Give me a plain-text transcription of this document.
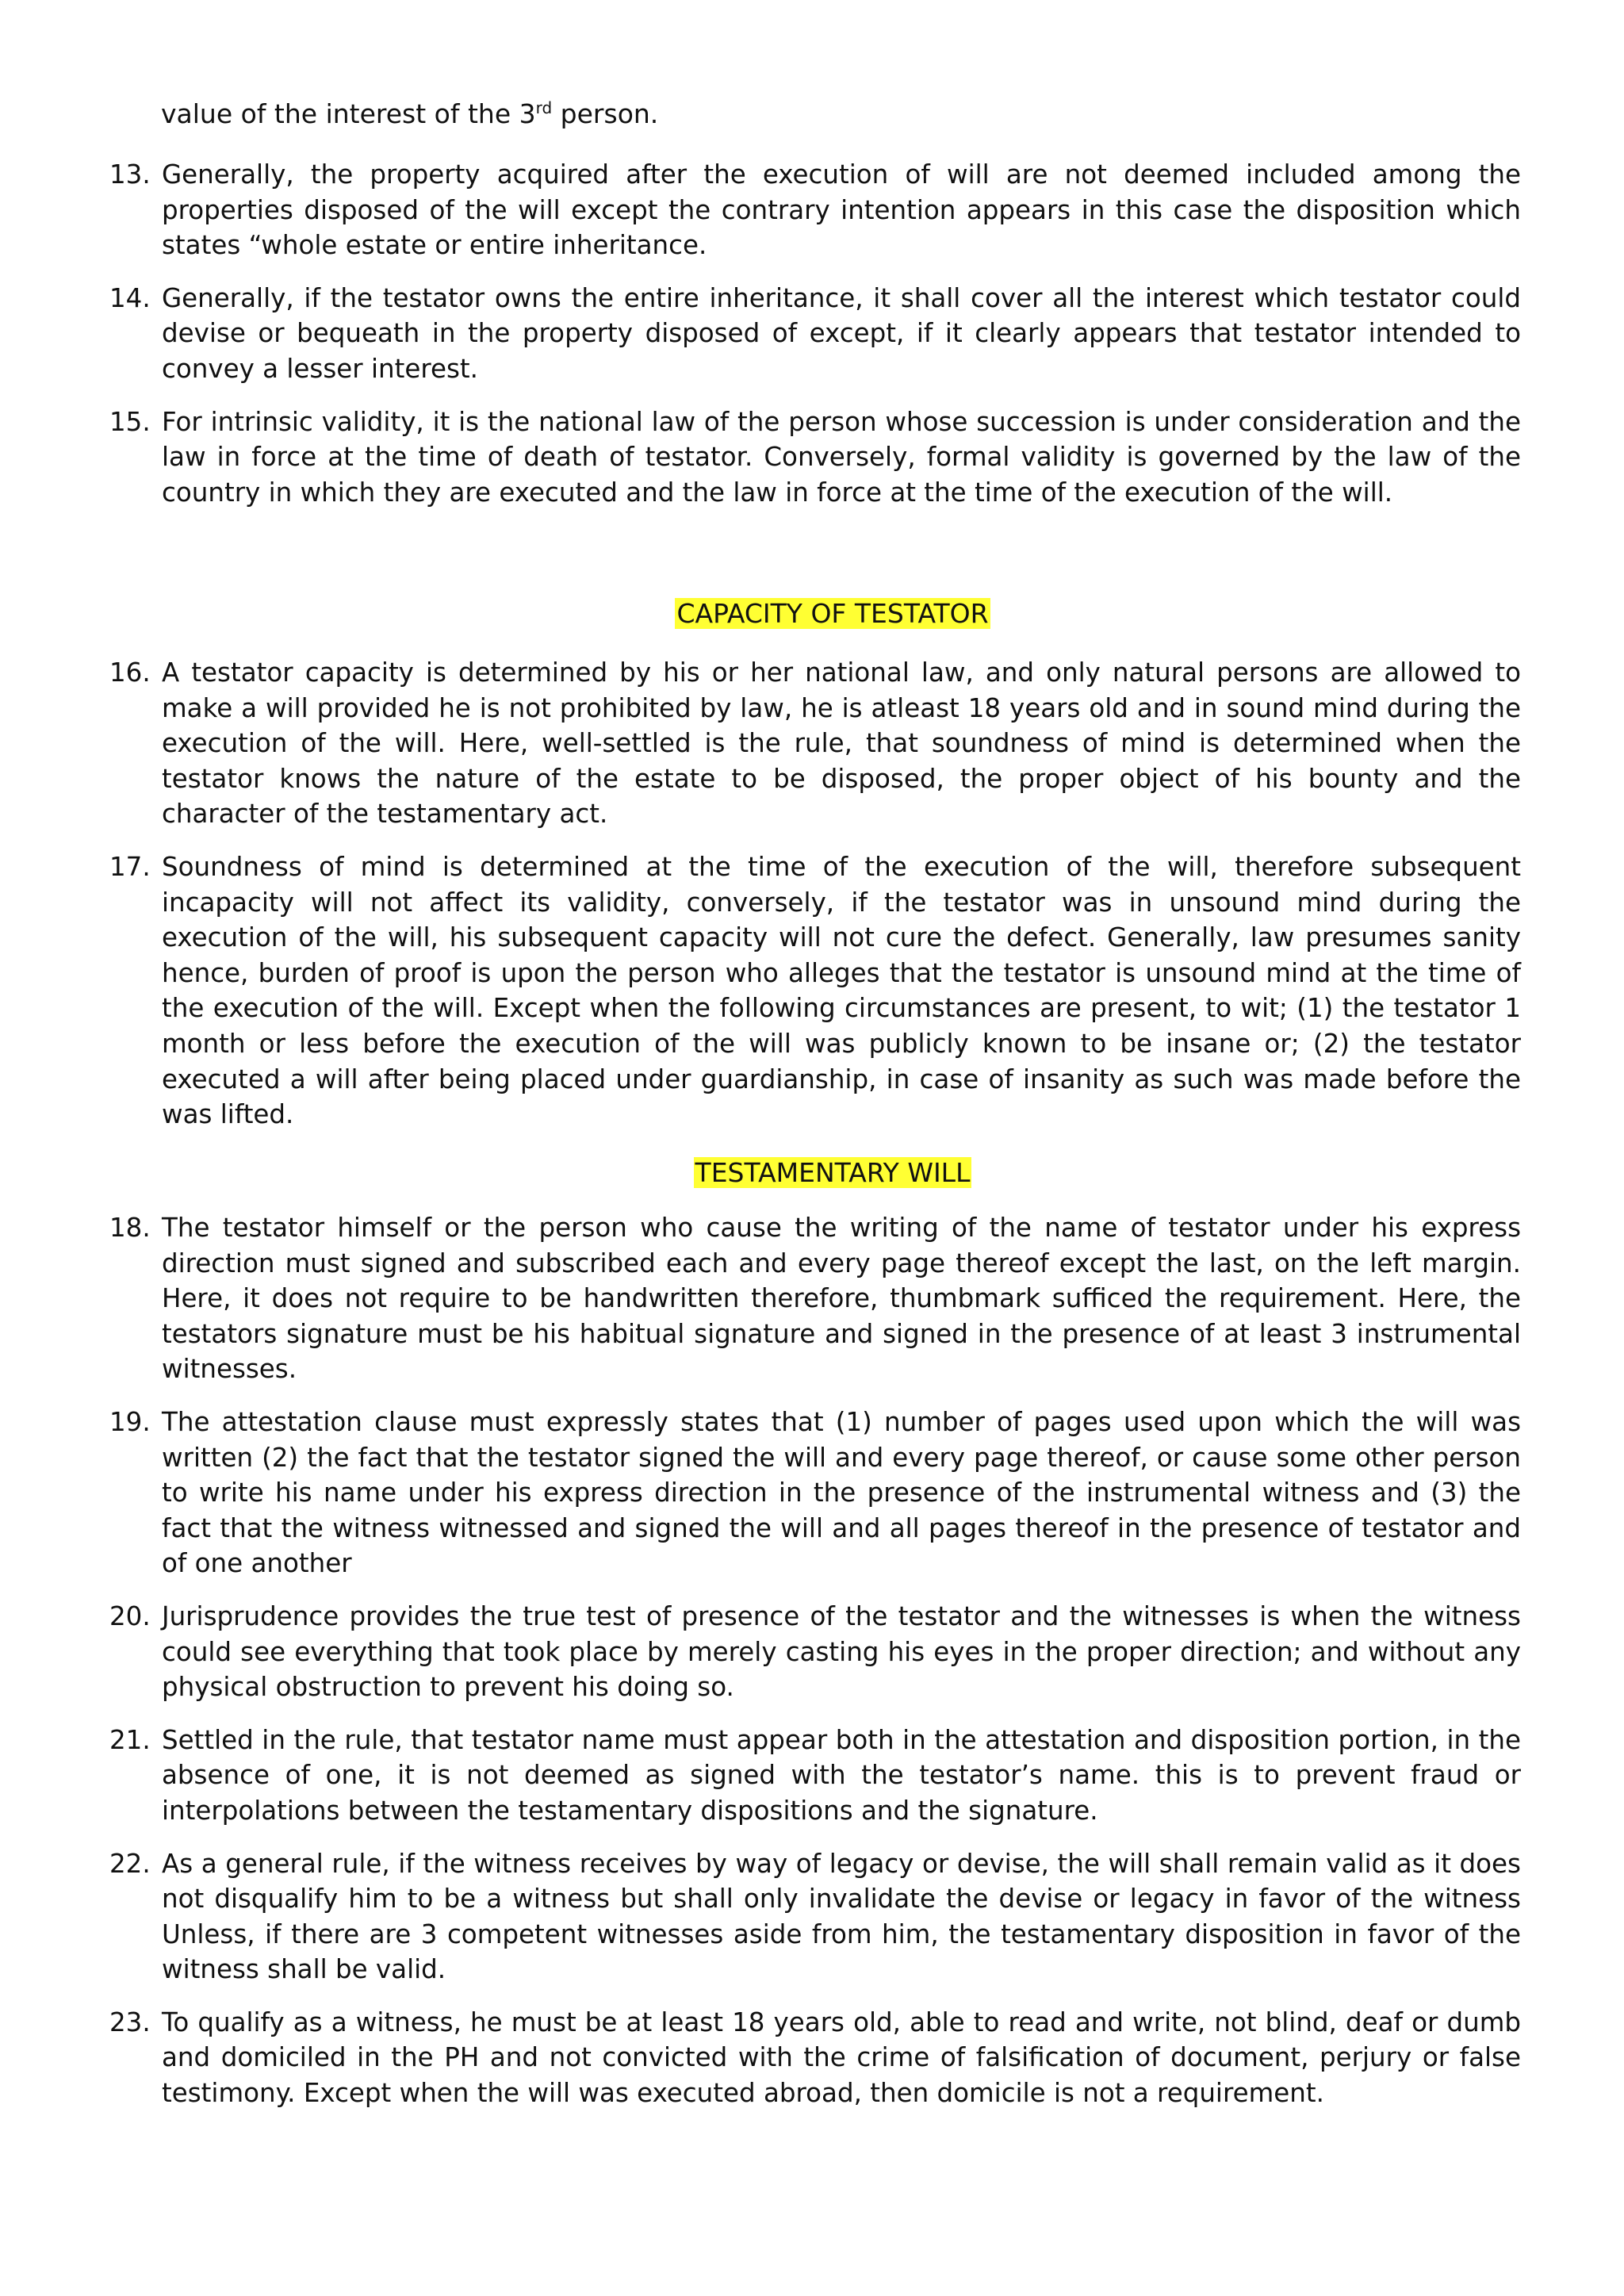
value of the interest of the 3rd person.
13. Generally, the property acquired after the execution of will are not deemed included among the properties disposed of the will except the contrary intention appears in this case the disposition which states “whole estate or entire inheritance.
14. Generally, if the testator owns the entire inheritance, it shall cover all the interest which testator could devise or bequeath in the property disposed of except, if it clearly appears that testator intended to convey a lesser interest.
15. For intrinsic validity, it is the national law of the person whose succession is under consideration and the law in force at the time of death of testator. Conversely, formal validity is governed by the law of the country in which they are executed and the law in force at the time of the execution of the will.
CAPACITY OF TESTATOR
16. A testator capacity is determined by his or her national law, and only natural persons are allowed to make a will provided he is not prohibited by law, he is atleast 18 years old and in sound mind during the execution of the will. Here, well-settled is the rule, that soundness of mind is determined when the testator knows the nature of the estate to be disposed, the proper object of his bounty and the character of the testamentary act.
17. Soundness of mind is determined at the time of the execution of the will, therefore subsequent incapacity will not affect its validity, conversely, if the testator was in unsound mind during the execution of the will, his subsequent capacity will not cure the defect. Generally, law presumes sanity hence, burden of proof is upon the person who alleges that the testator is unsound mind at the time of the execution of the will. Except when the following circumstances are present, to wit; (1) the testator 1 month or less before the execution of the will was publicly known to be insane or; (2) the testator executed a will after being placed under guardianship, in case of insanity as such was made before the was lifted.
TESTAMENTARY WILL
18. The testator himself or the person who cause the writing of the name of testator under his express direction must signed and subscribed each and every page thereof except the last, on the left margin. Here, it does not require to be handwritten therefore, thumbmark sufficed the requirement. Here, the testators signature must be his habitual signature and signed in the presence of at least 3 instrumental witnesses.
19. The attestation clause must expressly states that (1) number of pages used upon which the will was written (2) the fact that the testator signed the will and every page thereof, or cause some other person to write his name under his express direction in the presence of the instrumental witness and (3) the fact that the witness witnessed and signed the will and all pages thereof in the presence of testator and of one another
20. Jurisprudence provides the true test of presence of the testator and the witnesses is when the witness could see everything that took place by merely casting his eyes in the proper direction; and without any physical obstruction to prevent his doing so.
21. Settled in the rule, that testator name must appear both in the attestation and disposition portion, in the absence of one, it is not deemed as signed with the testator’s name. this is to prevent fraud or interpolations between the testamentary dispositions and the signature.
22. As a general rule, if the witness receives by way of legacy or devise, the will shall remain valid as it does not disqualify him to be a witness but shall only invalidate the devise or legacy in favor of the witness Unless, if there are 3 competent witnesses aside from him, the testamentary disposition in favor of the witness shall be valid.
23. To qualify as a witness, he must be at least 18 years old, able to read and write, not blind, deaf or dumb and domiciled in the PH and not convicted with the crime of falsification of document, perjury or false testimony. Except when the will was executed abroad, then domicile is not a requirement.
